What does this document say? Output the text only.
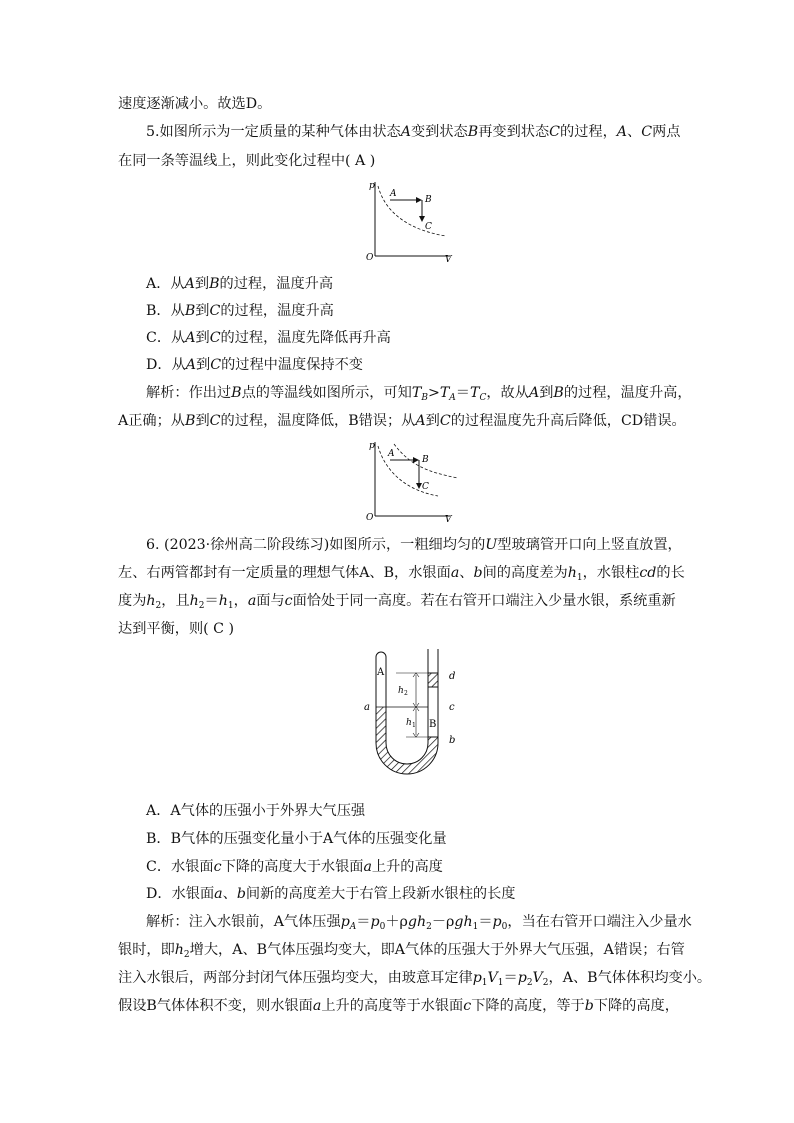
速度逐渐减小。故选D。
5.如图所示为一定质量的某种气体由状态A变到状态B再变到状态C的过程，A、C两点
在同一条等温线上，则此变化过程中( A )
p
A
B
C
O	V
A．从A到B的过程，温度升高
B．从B到C的过程，温度升高
C．从A到C的过程，温度先降低再升高
D．从A到C的过程中温度保持不变
解析：作出过B点的等温线如图所示，可知$T_B>T_A=T_C$，故从A到B的过程，温度升高，
A正确；从B到C的过程，温度降低，B错误；从A到C的过程温度先升高后降低，CD错误。
p
A
B
C
O	V
6. (2023·徐州高二阶段练习)如图所示，一粗细均匀的U型玻璃管开口向上竖直放置，
左、右两管都封有一定质量的理想气体A、B，水银面a、b间的高度差为$h_1$，水银柱cd的长
度为$h_2$，且$h_2=h_1$，a面与c面恰处于同一高度。若在右管开口端注入少量水银，系统重新
达到平衡，则( C )
A
B
a
d
c
b
h 2
h 1
A．A气体的压强小于外界大气压强
B．B气体的压强变化量小于A气体的压强变化量
C．水银面c下降的高度大于水银面a上升的高度
D．水银面a、b间新的高度差大于右管上段新水银柱的长度
解析：注入水银前，A气体压强$p_A=p_0+\rho gh_2-\rho gh_1=p_0$，当在右管开口端注入少量水
银时，即$h_2$增大，A、B气体压强均变大，即A气体的压强大于外界大气压强，A错误；右管
注入水银后，两部分封闭气体压强均变大，由玻意耳定律$p_1V_1=p_2V_2$，A、B气体体积均变小。
假设B气体体积不变，则水银面a上升的高度等于水银面c下降的高度，等于b下降的高度，
